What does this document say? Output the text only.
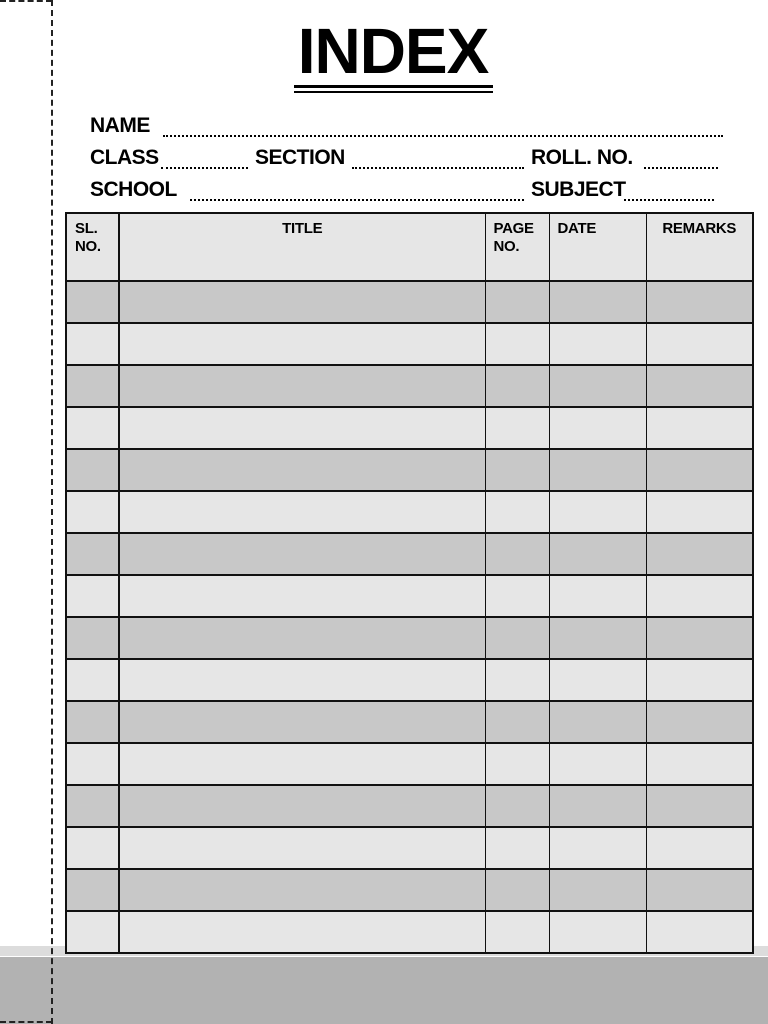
INDEX
NAME
CLASS	SECTION	ROLL. NO.
SCHOOL	SUBJECT
SL. NO.	TITLE	PAGE NO.	DATE	REMARKS
